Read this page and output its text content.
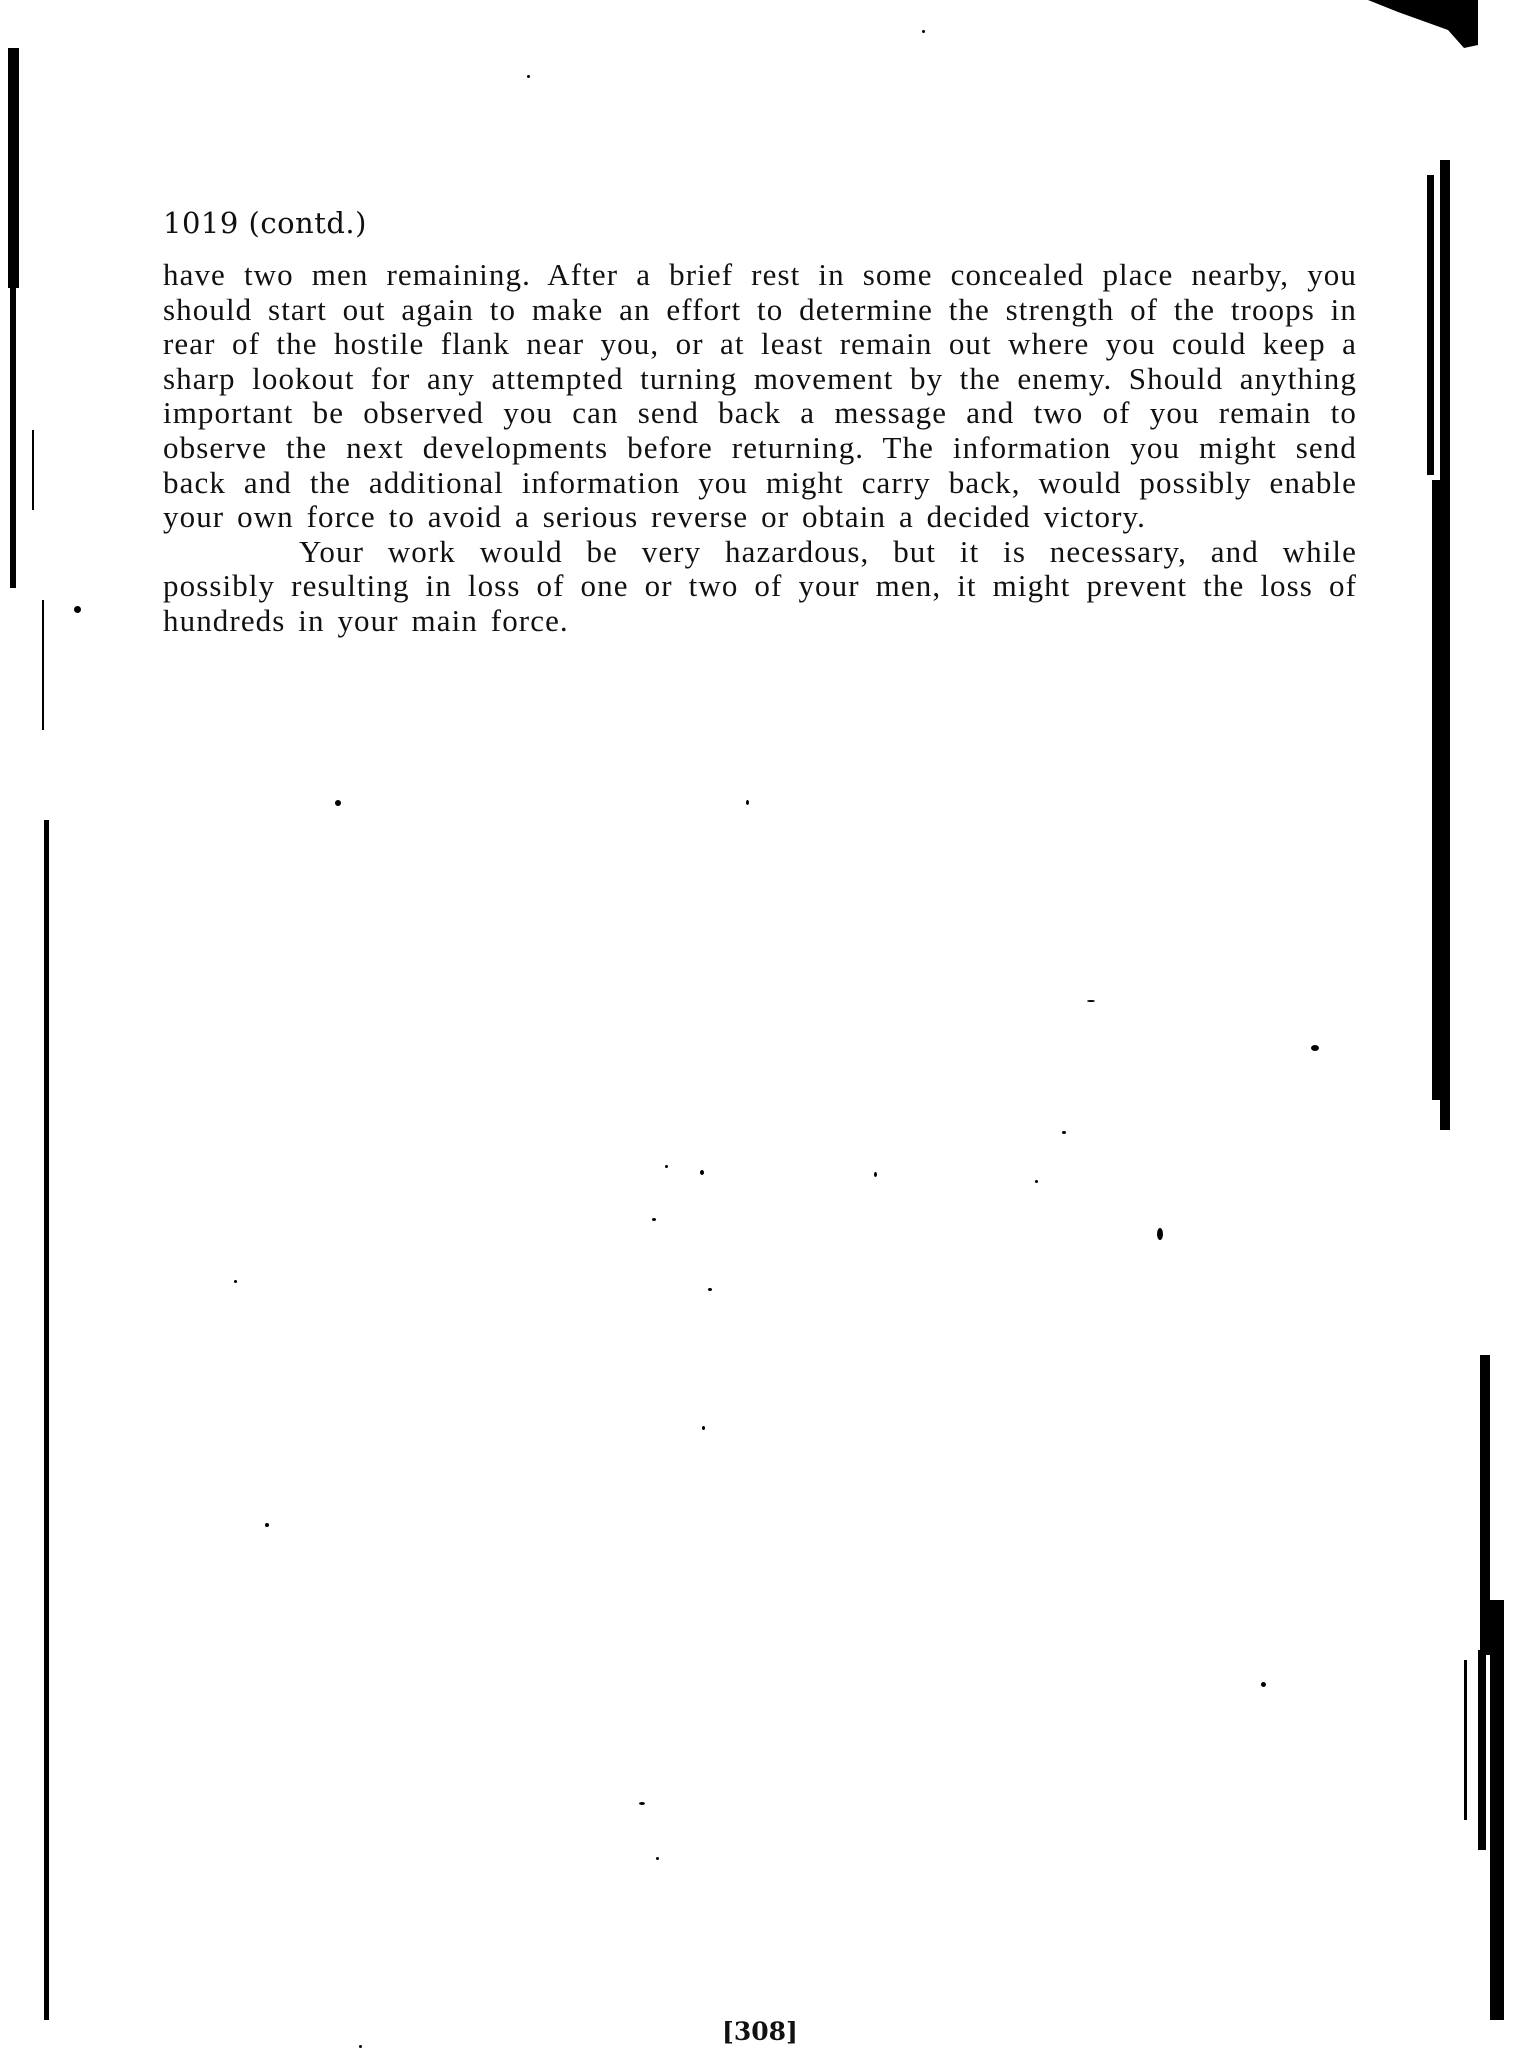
1019 (contd.)

have two men remaining. After a brief rest in some concealed place nearby, you should start out again to make an effort to determine the strength of the troops in rear of the hostile flank near you, or at least remain out where you could keep a sharp lookout for any attempted turning movement by the enemy. Should anything important be observed you can send back a message and two of you remain to observe the next developments before returning. The information you might send back and the additional information you might carry back, would possibly enable your own force to avoid a serious reverse or obtain a decided victory.

Your work would be very hazardous, but it is necessary, and while possibly resulting in loss of one or two of your men, it might prevent the loss of hundreds in your main force.

[308]
